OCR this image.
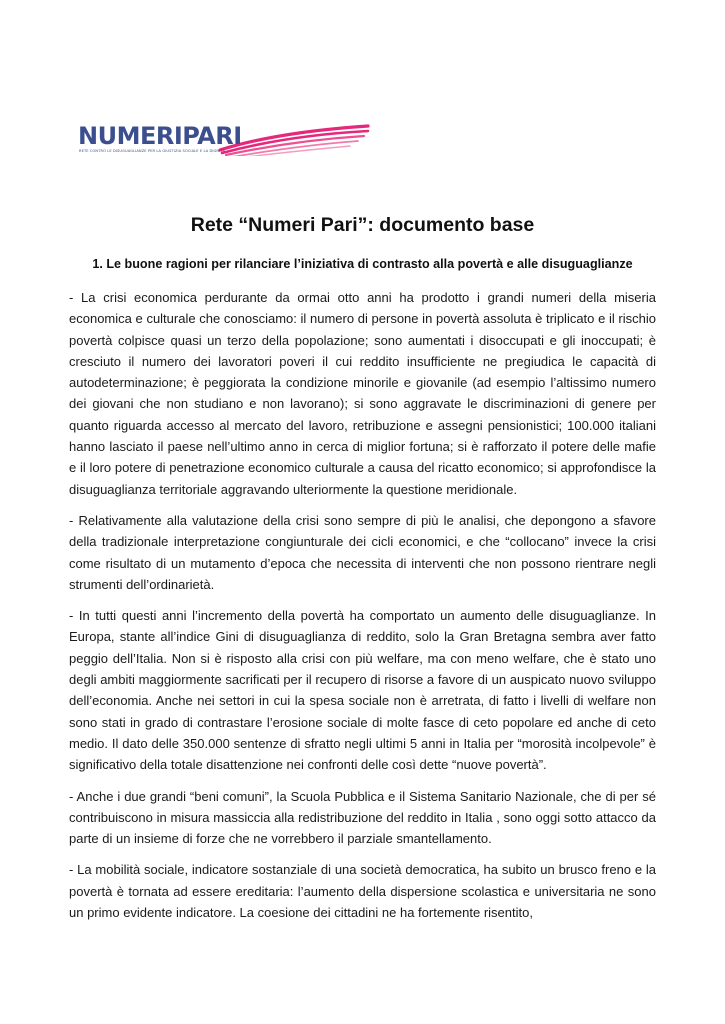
NUMERIPARI
RETE CONTRO LE DISUGUAGLIANZE PER LA GIUSTIZIA SOCIALE E LA DIGNITÀ
Rete “Numeri Pari”: documento base
1. Le buone ragioni per rilanciare l’iniziativa di contrasto alla povertà e alle disuguaglianze

- La crisi economica perdurante da ormai otto anni ha prodotto i grandi numeri della miseria economica e culturale che conosciamo: il numero di persone in povertà assoluta è triplicato e il rischio povertà colpisce quasi un terzo della popolazione; sono aumentati i disoccupati e gli inoccupati; è cresciuto il numero dei lavoratori poveri il cui reddito insufficiente ne pregiudica le capacità di autodeterminazione; è peggiorata la condizione minorile e giovanile (ad esempio l’altissimo numero dei giovani che non studiano e non lavorano); si sono aggravate le discriminazioni di genere per quanto riguarda accesso al mercato del lavoro, retribuzione e assegni pensionistici; 100.000 italiani hanno lasciato il paese nell’ultimo anno in cerca di miglior fortuna; si è rafforzato il potere delle mafie e il loro potere di penetrazione economico culturale a causa del ricatto economico; si approfondisce la disuguaglianza territoriale aggravando ulteriormente la questione meridionale.

- Relativamente alla valutazione della crisi sono sempre di più le analisi, che depongono a sfavore della tradizionale interpretazione congiunturale dei cicli economici, e che “collocano” invece la crisi come risultato di un mutamento d’epoca che necessita di interventi che non possono rientrare negli strumenti dell’ordinarietà.

- In tutti questi anni l’incremento della povertà ha comportato un aumento delle disuguaglianze. In Europa, stante all’indice Gini di disuguaglianza di reddito, solo la Gran Bretagna sembra aver fatto peggio dell’Italia. Non si è risposto alla crisi con più welfare, ma con meno welfare, che è stato uno degli ambiti maggiormente sacrificati per il recupero di risorse a favore di un auspicato nuovo sviluppo dell’economia. Anche nei settori in cui la spesa sociale non è arretrata, di fatto i livelli di welfare non sono stati in grado di contrastare l’erosione sociale di molte fasce di ceto popolare ed anche di ceto medio. Il dato delle 350.000 sentenze di sfratto negli ultimi 5 anni in Italia per “morosità incolpevole” è significativo della totale disattenzione nei confronti delle così dette “nuove povertà”.

- Anche i due grandi “beni comuni”, la Scuola Pubblica e il Sistema Sanitario Nazionale, che di per sé contribuiscono in misura massiccia alla redistribuzione del reddito in Italia , sono oggi sotto attacco da parte di un insieme di forze che ne vorrebbero il parziale smantellamento.

- La mobilità sociale, indicatore sostanziale di una società democratica, ha subito un brusco freno e la povertà è tornata ad essere ereditaria: l’aumento della dispersione scolastica e universitaria ne sono un primo evidente indicatore. La coesione dei cittadini ne ha fortemente risentito,
